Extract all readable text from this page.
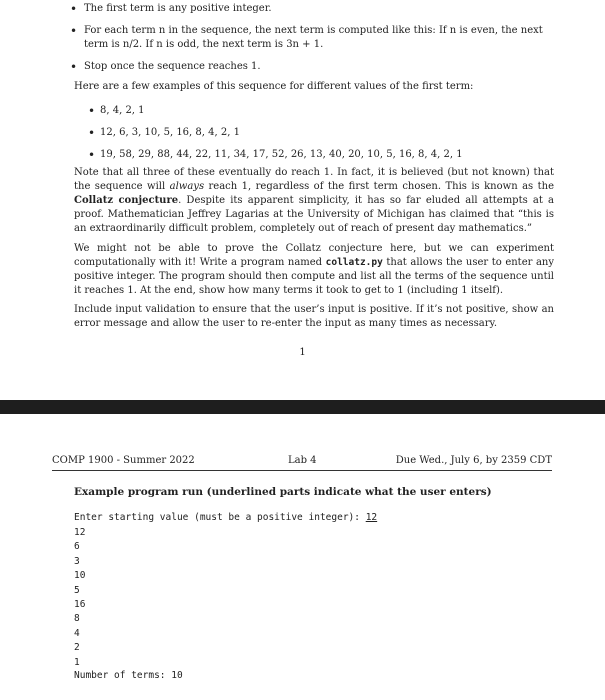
• The first term is any positive integer.
• For each term n in the sequence, the next term is computed like this: If n is even, the next term is n/2. If n is odd, the next term is 3n + 1.
• Stop once the sequence reaches 1.

Here are a few examples of this sequence for different values of the first term:

• 8, 4, 2, 1
• 12, 6, 3, 10, 5, 16, 8, 4, 2, 1
• 19, 58, 29, 88, 44, 22, 11, 34, 17, 52, 26, 13, 40, 20, 10, 5, 16, 8, 4, 2, 1

Note that all three of these eventually do reach 1. In fact, it is believed (but not known) that the sequence will always reach 1, regardless of the first term chosen. This is known as the Collatz conjecture. Despite its apparent simplicity, it has so far eluded all attempts at a proof. Mathematician Jeffrey Lagarias at the University of Michigan has claimed that “this is an extraordinarily difficult problem, completely out of reach of present day mathematics.”

We might not be able to prove the Collatz conjecture here, but we can experiment computationally with it! Write a program named collatz.py that allows the user to enter any positive integer. The program should then compute and list all the terms of the sequence until it reaches 1. At the end, show how many terms it took to get to 1 (including 1 itself).

Include input validation to ensure that the user’s input is positive. If it’s not positive, show an error message and allow the user to re-enter the input as many times as necessary.

1
COMP 1900 - Summer 2022	Lab 4	Due Wed., July 6, by 2359 CDT
Example program run (underlined parts indicate what the user enters)
Enter starting value (must be a positive integer): 12
12
6
3
10
5
16
8
4
2
1
Number of terms: 10
